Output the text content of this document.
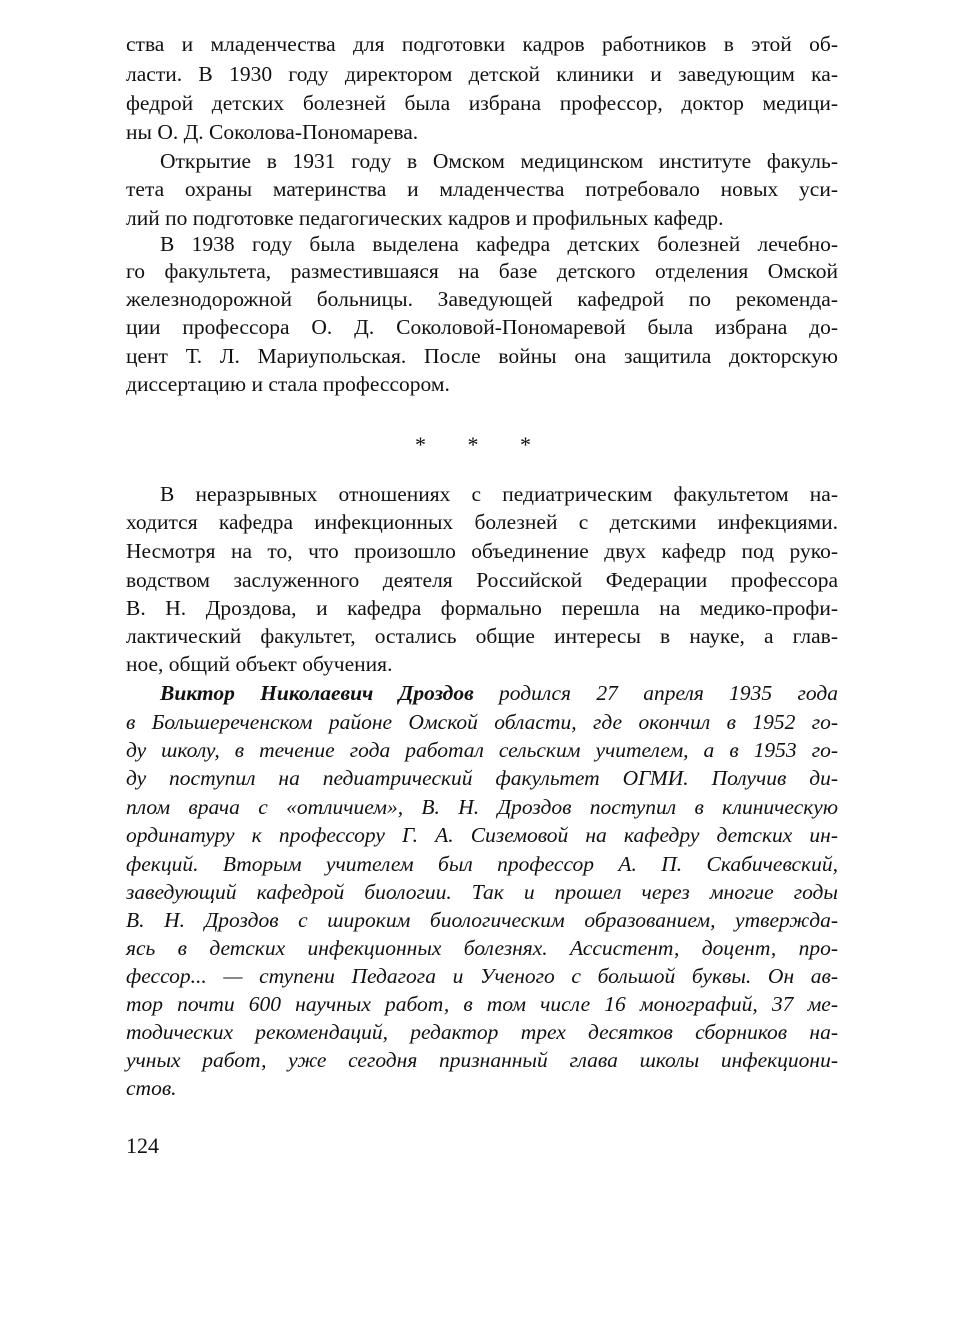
ства и младенчества для подготовки кадров работников в этой об-
ласти. В 1930 году директором детской клиники и заведующим ка-
федрой детских болезней была избрана профессор, доктор медици-
ны О. Д. Соколова-Пономарева.
Открытие в 1931 году в Омском медицинском институте факуль-
тета охраны материнства и младенчества потребовало новых уси-
лий по подготовке педагогических кадров и профильных кафедр.
В 1938 году была выделена кафедра детских болезней лечебно-
го факультета, разместившаяся на базе детского отделения Омской
железнодорожной больницы. Заведующей кафедрой по рекоменда-
ции профессора О. Д. Соколовой-Пономаревой была избрана до-
цент Т. Л. Мариупольская. После войны она защитила докторскую
диссертацию и стала профессором.
* * *
В неразрывных отношениях с педиатрическим факультетом на-
ходится кафедра инфекционных болезней с детскими инфекциями.
Несмотря на то, что произошло объединение двух кафедр под руко-
водством заслуженного деятеля Российской Федерации профессора
В. Н. Дроздова, и кафедра формально перешла на медико-профи-
лактический факультет, остались общие интересы в науке, а глав-
ное, общий объект обучения.
Виктор Николаевич Дроздов родился 27 апреля 1935 года
в Большереченском районе Омской области, где окончил в 1952 го-
ду школу, в течение года работал сельским учителем, а в 1953 го-
ду поступил на педиатрический факультет ОГМИ. Получив ди-
плом врача с «отличием», В. Н. Дроздов поступил в клиническую
ординатуру к профессору Г. А. Сиземовой на кафедру детских ин-
фекций. Вторым учителем был профессор А. П. Скабичевский,
заведующий кафедрой биологии. Так и прошел через многие годы
В. Н. Дроздов с широким биологическим образованием, утвержда-
ясь в детских инфекционных болезнях. Ассистент, доцент, про-
фессор... — ступени Педагога и Ученого с большой буквы. Он ав-
тор почти 600 научных работ, в том числе 16 монографий, 37 ме-
тодических рекомендаций, редактор трех десятков сборников на-
учных работ, уже сегодня признанный глава школы инфекциони-
стов.
124
